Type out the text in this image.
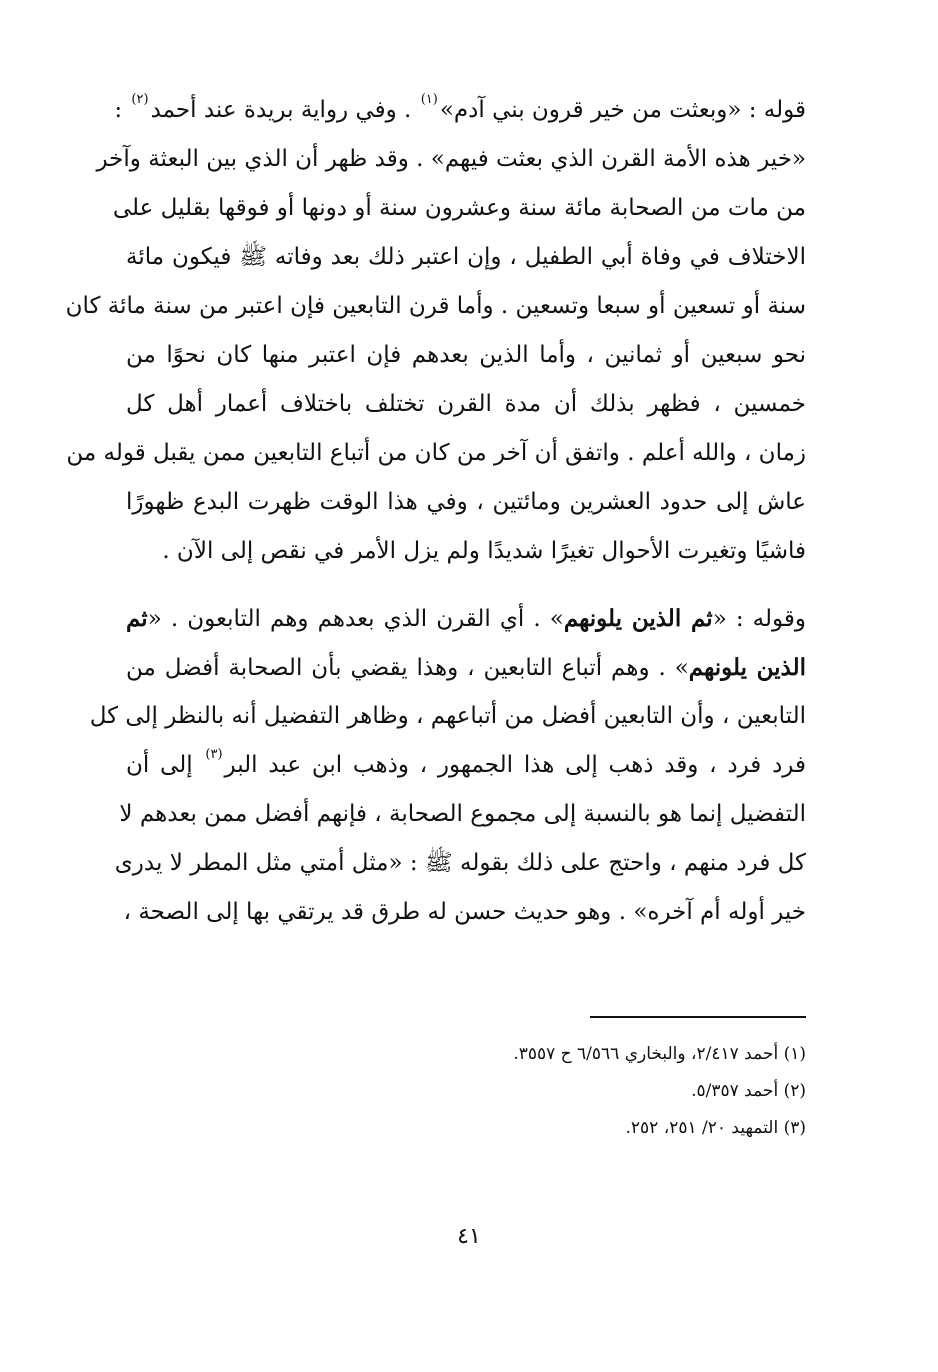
قوله : «وبعثت من خير قرون بني آدم»$^{(١)}$ . وفي رواية بريدة عند أحمد$^{(٢)}$ :
«خير هذه الأمة القرن الذي بعثت فيهم» . وقد ظهر أن الذي بين البعثة وآخر
من مات من الصحابة مائة سنة وعشرون سنة أو دونها أو فوقها بقليل على
الاختلاف في وفاة أبي الطفيل ، وإن اعتبر ذلك بعد وفاته ﷺ فيكون مائة
سنة أو تسعين أو سبعا وتسعين . وأما قرن التابعين فإن اعتبر من سنة مائة كان
نحو سبعين أو ثمانين ، وأما الذين بعدهم فإن اعتبر منها كان نحوًا من
خمسين ، فظهر بذلك أن مدة القرن تختلف باختلاف أعمار أهل كل
زمان ، والله أعلم . واتفق أن آخر من كان من أتباع التابعين ممن يقبل قوله من
عاش إلى حدود العشرين ومائتين ، وفي هذا الوقت ظهرت البدع ظهورًا
فاشيًا وتغيرت الأحوال تغيرًا شديدًا ولم يزل الأمر في نقص إلى الآن .
وقوله : «ثم الذين يلونهم» . أي القرن الذي بعدهم وهم التابعون . «ثم
الذين يلونهم» . وهم أتباع التابعين ، وهذا يقضي بأن الصحابة أفضل من
التابعين ، وأن التابعين أفضل من أتباعهم ، وظاهر التفضيل أنه بالنظر إلى كل
فرد فرد ، وقد ذهب إلى هذا الجمهور ، وذهب ابن عبد البر$^{(٣)}$ إلى أن
التفضيل إنما هو بالنسبة إلى مجموع الصحابة ، فإنهم أفضل ممن بعدهم لا
كل فرد منهم ، واحتج على ذلك بقوله ﷺ : «مثل أمتي مثل المطر لا يدرى
خير أوله أم آخره» . وهو حديث حسن له طرق قد يرتقي بها إلى الصحة ،
(١) أحمد ٢/٤١٧، والبخاري ٦/٥٦٦ ح ٣٥٥٧.
(٢) أحمد ٥/٣٥٧.
(٣) التمهيد ٢٠/ ٢٥١، ٢٥٢.
٤١
